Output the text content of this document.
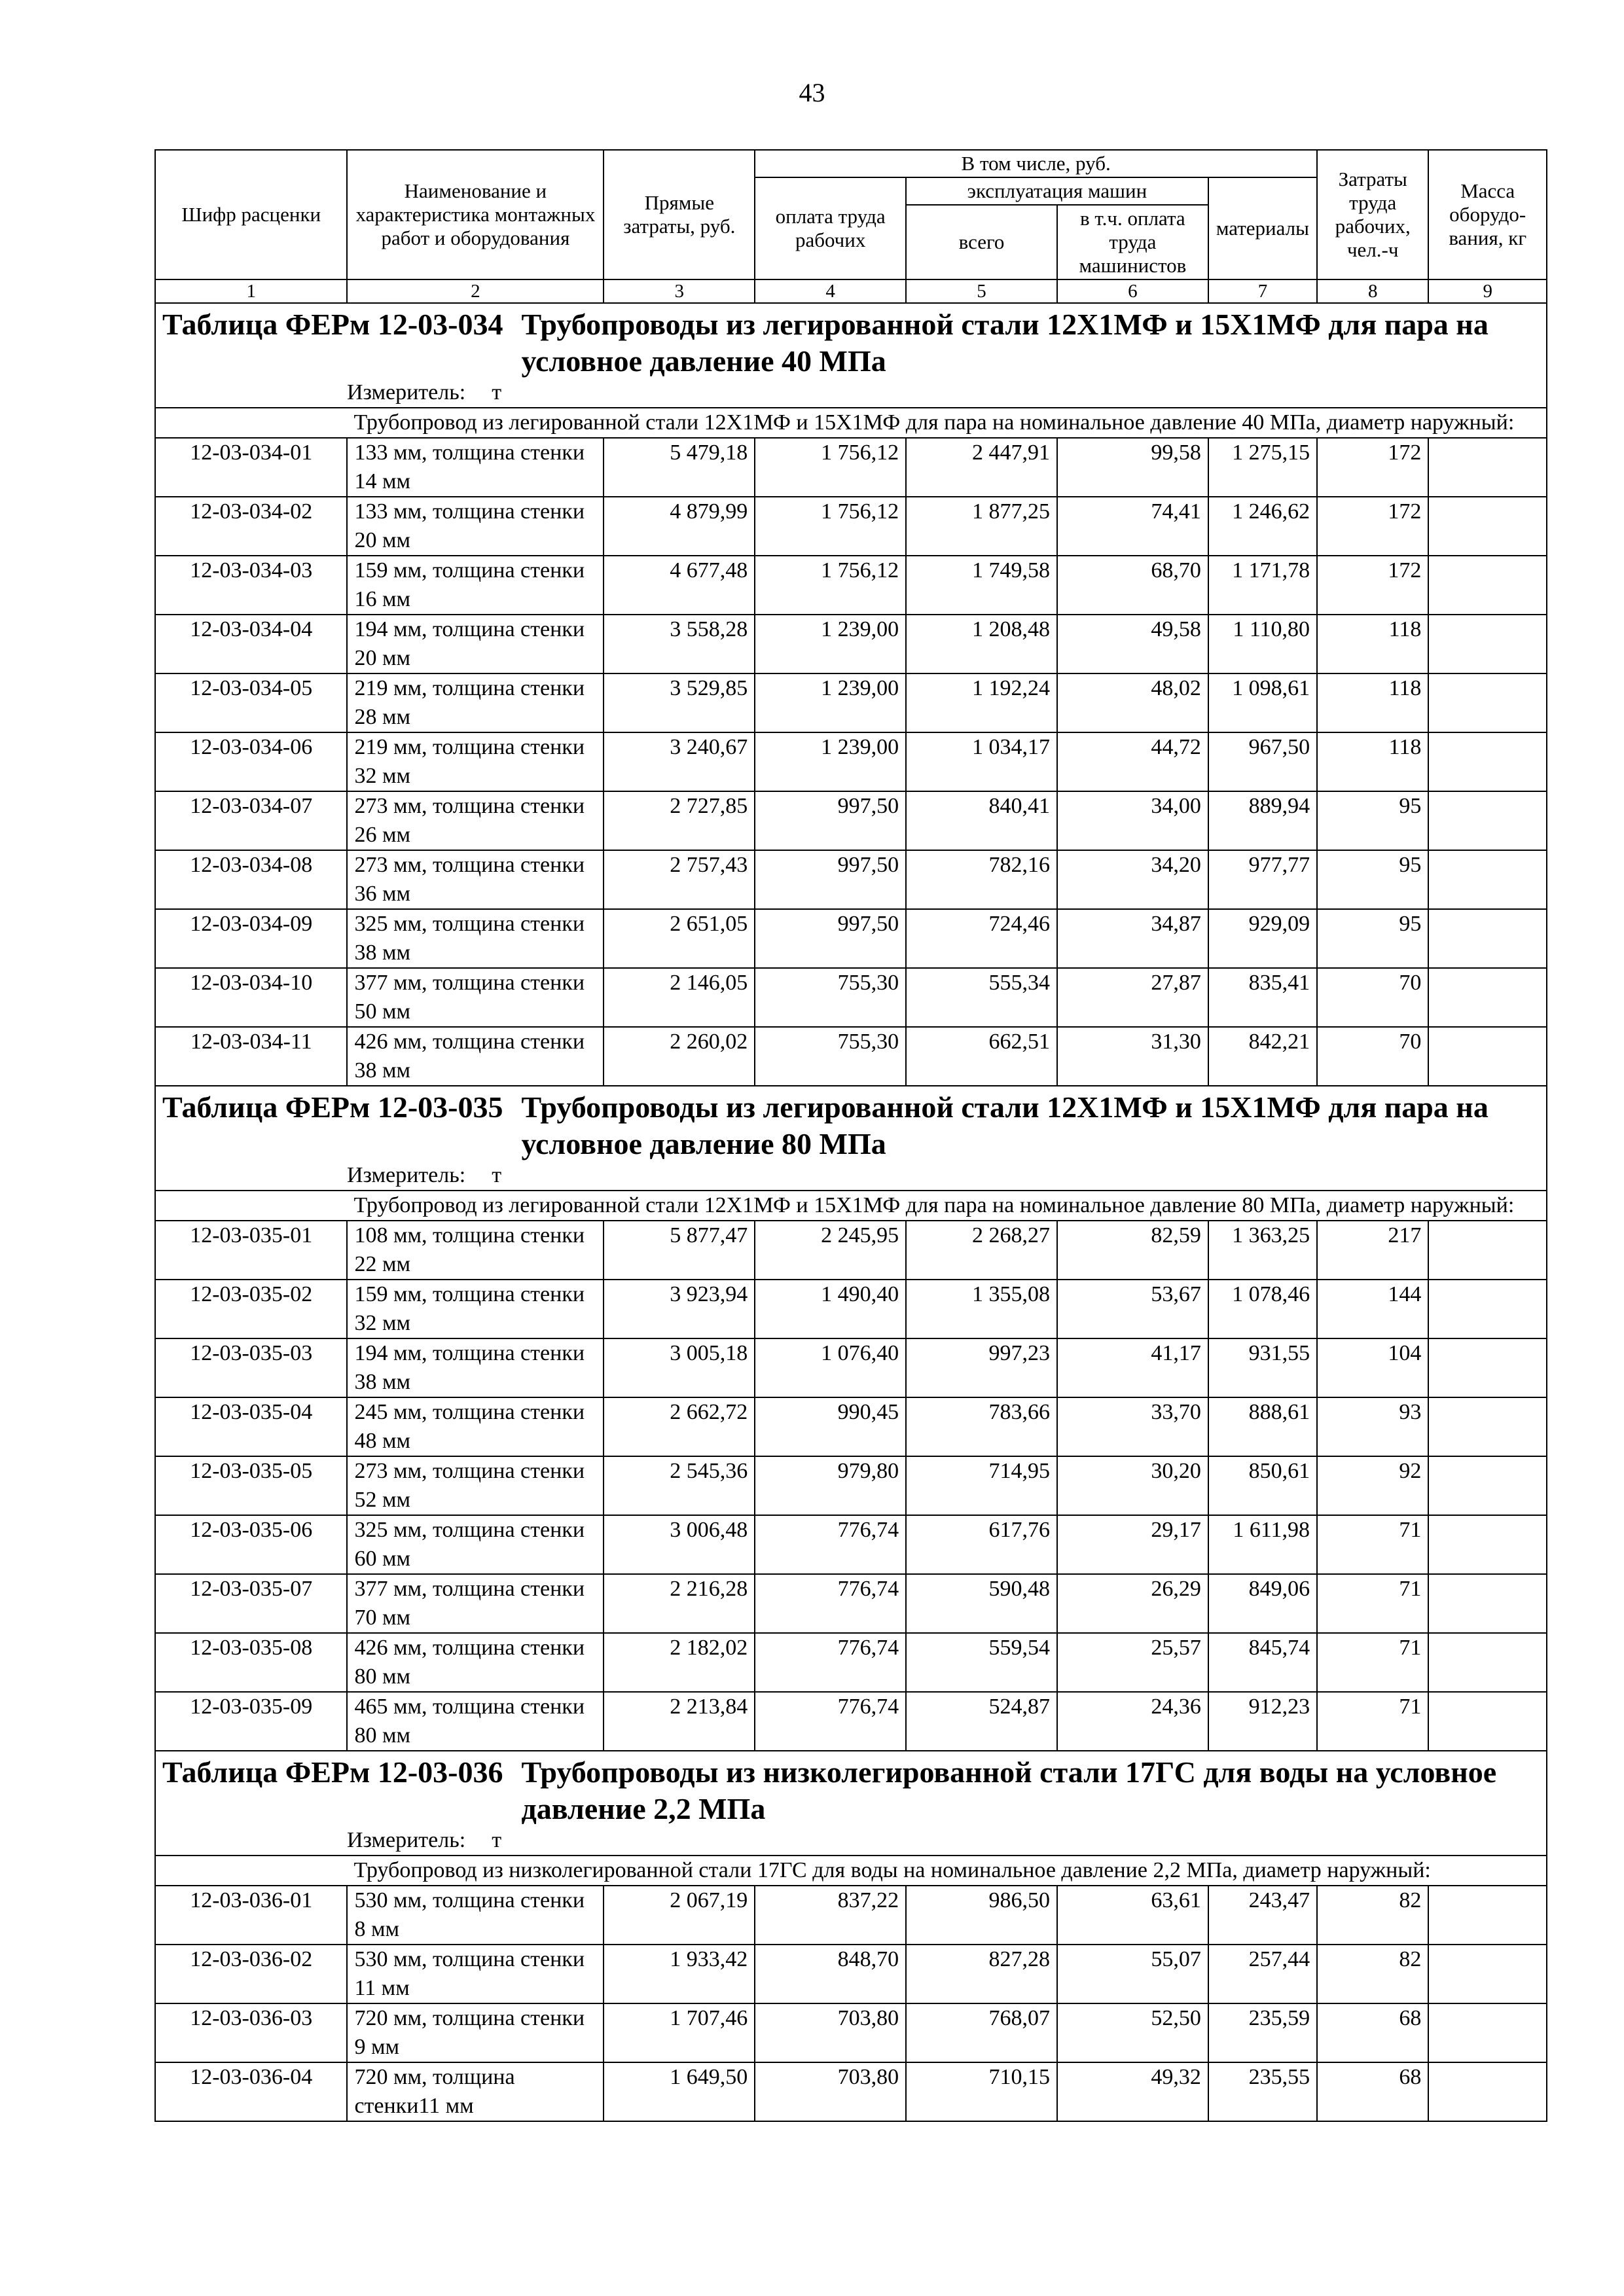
43
Шифр расценки	Наименование и характеристика монтажных работ и оборудования	Прямые затраты, руб.	В том числе, руб.				Затраты труда рабочих, чел.-ч	Масса оборудо-вания, кг
			оплата труда рабочих	эксплуатация машин		материалы		
				всего	в т.ч. оплата труда машинистов			
1	2	3	4	5	6	7	8	9

Таблица ФЕРм 12-03-034 Трубопроводы из легированной стали 12Х1МФ и 15Х1МФ для пара на условное давление 40 МПа
Измеритель: т								

	Трубопровод из легированной стали 12Х1МФ и 15Х1МФ для пара на номинальное давление 40 МПа, диаметр наружный:							
12-03-034-01	133 мм, толщина стенки 14 мм	5 479,18	1 756,12	2 447,91	99,58	1 275,15	172	
12-03-034-02	133 мм, толщина стенки 20 мм	4 879,99	1 756,12	1 877,25	74,41	1 246,62	172	
12-03-034-03	159 мм, толщина стенки 16 мм	4 677,48	1 756,12	1 749,58	68,70	1 171,78	172	
12-03-034-04	194 мм, толщина стенки 20 мм	3 558,28	1 239,00	1 208,48	49,58	1 110,80	118	
12-03-034-05	219 мм, толщина стенки 28 мм	3 529,85	1 239,00	1 192,24	48,02	1 098,61	118	
12-03-034-06	219 мм, толщина стенки 32 мм	3 240,67	1 239,00	1 034,17	44,72	967,50	118	
12-03-034-07	273 мм, толщина стенки 26 мм	2 727,85	997,50	840,41	34,00	889,94	95	
12-03-034-08	273 мм, толщина стенки 36 мм	2 757,43	997,50	782,16	34,20	977,77	95	
12-03-034-09	325 мм, толщина стенки 38 мм	2 651,05	997,50	724,46	34,87	929,09	95	
12-03-034-10	377 мм, толщина стенки 50 мм	2 146,05	755,30	555,34	27,87	835,41	70	
12-03-034-11	426 мм, толщина стенки 38 мм	2 260,02	755,30	662,51	31,30	842,21	70	

Таблица ФЕРм 12-03-035 Трубопроводы из легированной стали 12Х1МФ и 15Х1МФ для пара на условное давление 80 МПа
Измеритель: т								

	Трубопровод из легированной стали 12Х1МФ и 15Х1МФ для пара на номинальное давление 80 МПа, диаметр наружный:							
12-03-035-01	108 мм, толщина стенки 22 мм	5 877,47	2 245,95	2 268,27	82,59	1 363,25	217	
12-03-035-02	159 мм, толщина стенки 32 мм	3 923,94	1 490,40	1 355,08	53,67	1 078,46	144	
12-03-035-03	194 мм, толщина стенки 38 мм	3 005,18	1 076,40	997,23	41,17	931,55	104	
12-03-035-04	245 мм, толщина стенки 48 мм	2 662,72	990,45	783,66	33,70	888,61	93	
12-03-035-05	273 мм, толщина стенки 52 мм	2 545,36	979,80	714,95	30,20	850,61	92	
12-03-035-06	325 мм, толщина стенки 60 мм	3 006,48	776,74	617,76	29,17	1 611,98	71	
12-03-035-07	377 мм, толщина стенки 70 мм	2 216,28	776,74	590,48	26,29	849,06	71	
12-03-035-08	426 мм, толщина стенки 80 мм	2 182,02	776,74	559,54	25,57	845,74	71	
12-03-035-09	465 мм, толщина стенки 80 мм	2 213,84	776,74	524,87	24,36	912,23	71	

Таблица ФЕРм 12-03-036 Трубопроводы из низколегированной стали 17ГС для воды на условное давление 2,2 МПа
Измеритель: т								

	Трубопровод из низколегированной стали 17ГС для воды на номинальное давление 2,2 МПа, диаметр наружный:							
12-03-036-01	530 мм, толщина стенки 8 мм	2 067,19	837,22	986,50	63,61	243,47	82	
12-03-036-02	530 мм, толщина стенки 11 мм	1 933,42	848,70	827,28	55,07	257,44	82	
12-03-036-03	720 мм, толщина стенки 9 мм	1 707,46	703,80	768,07	52,50	235,59	68	
12-03-036-04	720 мм, толщина стенки11 мм	1 649,50	703,80	710,15	49,32	235,55	68	
